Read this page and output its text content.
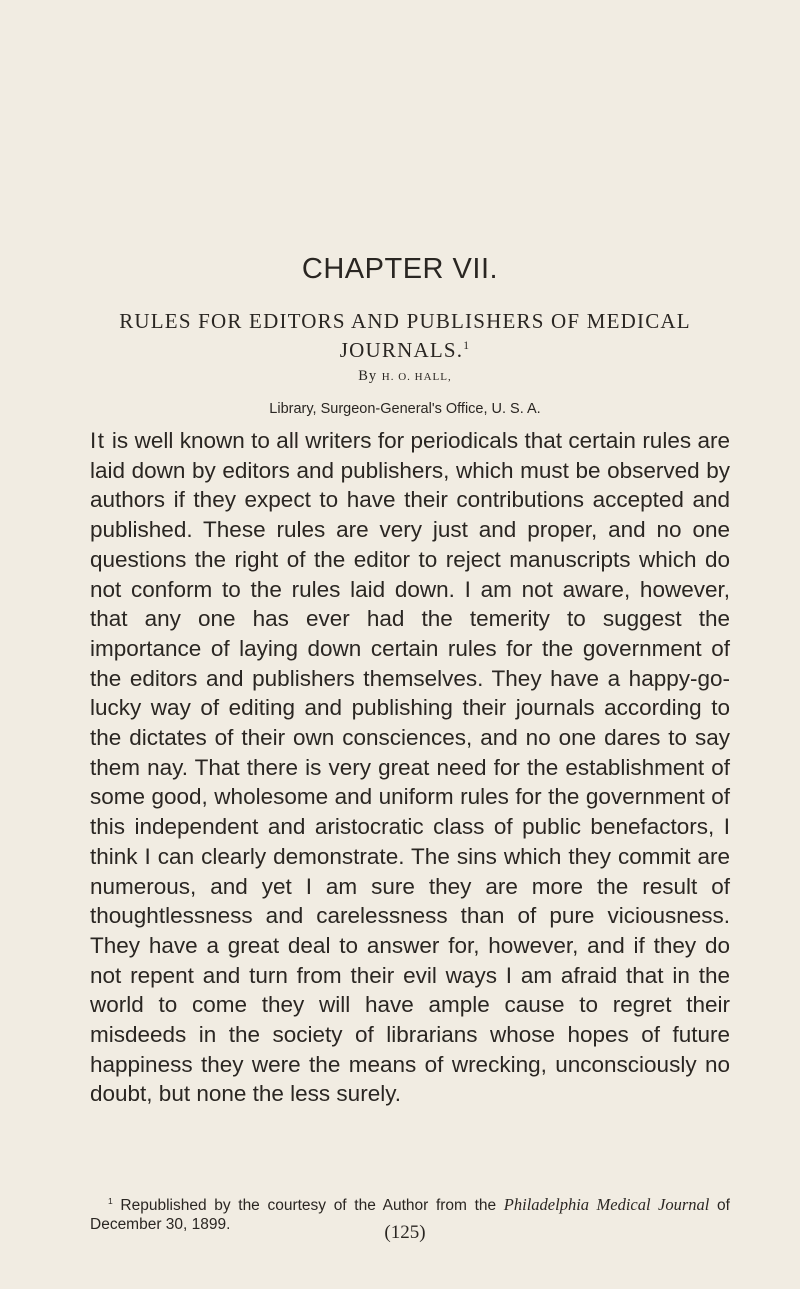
CHAPTER VII.
RULES FOR EDITORS AND PUBLISHERS OF MEDICAL JOURNALS.$^1$
By H. O. HALL,
Library, Surgeon-General's Office, U. S. A.

It is well known to all writers for periodicals that certain rules are laid down by editors and publishers, which must be observed by authors if they expect to have their contributions accepted and published. These rules are very just and proper, and no one questions the right of the editor to reject manuscripts which do not conform to the rules laid down. I am not aware, however, that any one has ever had the temerity to suggest the importance of laying down certain rules for the government of the editors and publishers themselves. They have a happy-go-lucky way of editing and publishing their journals according to the dictates of their own consciences, and no one dares to say them nay. That there is very great need for the establishment of some good, wholesome and uniform rules for the government of this independent and aristocratic class of public benefactors, I think I can clearly demonstrate. The sins which they commit are numerous, and yet I am sure they are more the result of thoughtlessness and carelessness than of pure viciousness. They have a great deal to answer for, however, and if they do not repent and turn from their evil ways I am afraid that in the world to come they will have ample cause to regret their misdeeds in the society of librarians whose hopes of future happiness they were the means of wrecking, unconsciously no doubt, but none the less surely.

$^1$ Republished by the courtesy of the Author from the Philadelphia Medical Journal of December 30, 1899.	(125)
